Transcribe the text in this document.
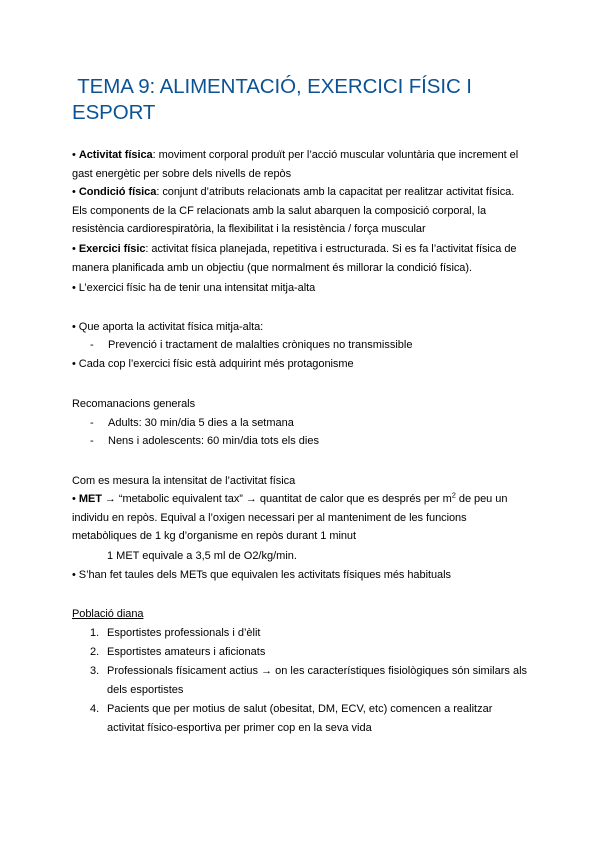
TEMA 9: ALIMENTACIÓ, EXERCICI FÍSIC I ESPORT

• Activitat física: moviment corporal produït per l’acció muscular voluntària que increment el gast energètic per sobre dels nivells de repòs

• Condició física: conjunt d’atributs relacionats amb la capacitat per realitzar activitat física. Els components de la CF relacionats amb la salut abarquen la composició corporal, la resistència cardiorespiratòria, la flexibilitat i la resistència / força muscular

• Exercici físic: activitat física planejada, repetitiva i estructurada. Si es fa l’activitat física de manera planificada amb un objectiu (que normalment és millorar la condició física).

• L’exercici físic ha de tenir una intensitat mitja-alta

• Que aporta la activitat física mitja-alta:

- Prevenció i tractament de malalties cròniques no transmissible

• Cada cop l’exercici físic està adquirint més protagonisme

Recomanacions generals

- Adults: 30 min/dia 5 dies a la setmana
- Nens i adolescents: 60 min/dia tots els dies

Com es mesura la intensitat de l’activitat física

• MET → “metabolic equivalent tax” → quantitat de calor que es després per $m^2$ de peu un individu en repòs. Equival a l’oxigen necessari per al manteniment de les funcions metabòliques de 1 kg d’organisme en repòs durant 1 minut

1 MET equivale a 3,5 ml de O2/kg/min.

• S’han fet taules dels METs que equivalen les activitats físiques més habituals

Població diana

1. Esportistes professionals i d’èlit
2. Esportistes amateurs i aficionats
3. Professionals físicament actius → on les característiques fisiològiques són similars als dels esportistes
4. Pacients que per motius de salut (obesitat, DM, ECV, etc) comencen a realitzar activitat físico-esportiva per primer cop en la seva vida
